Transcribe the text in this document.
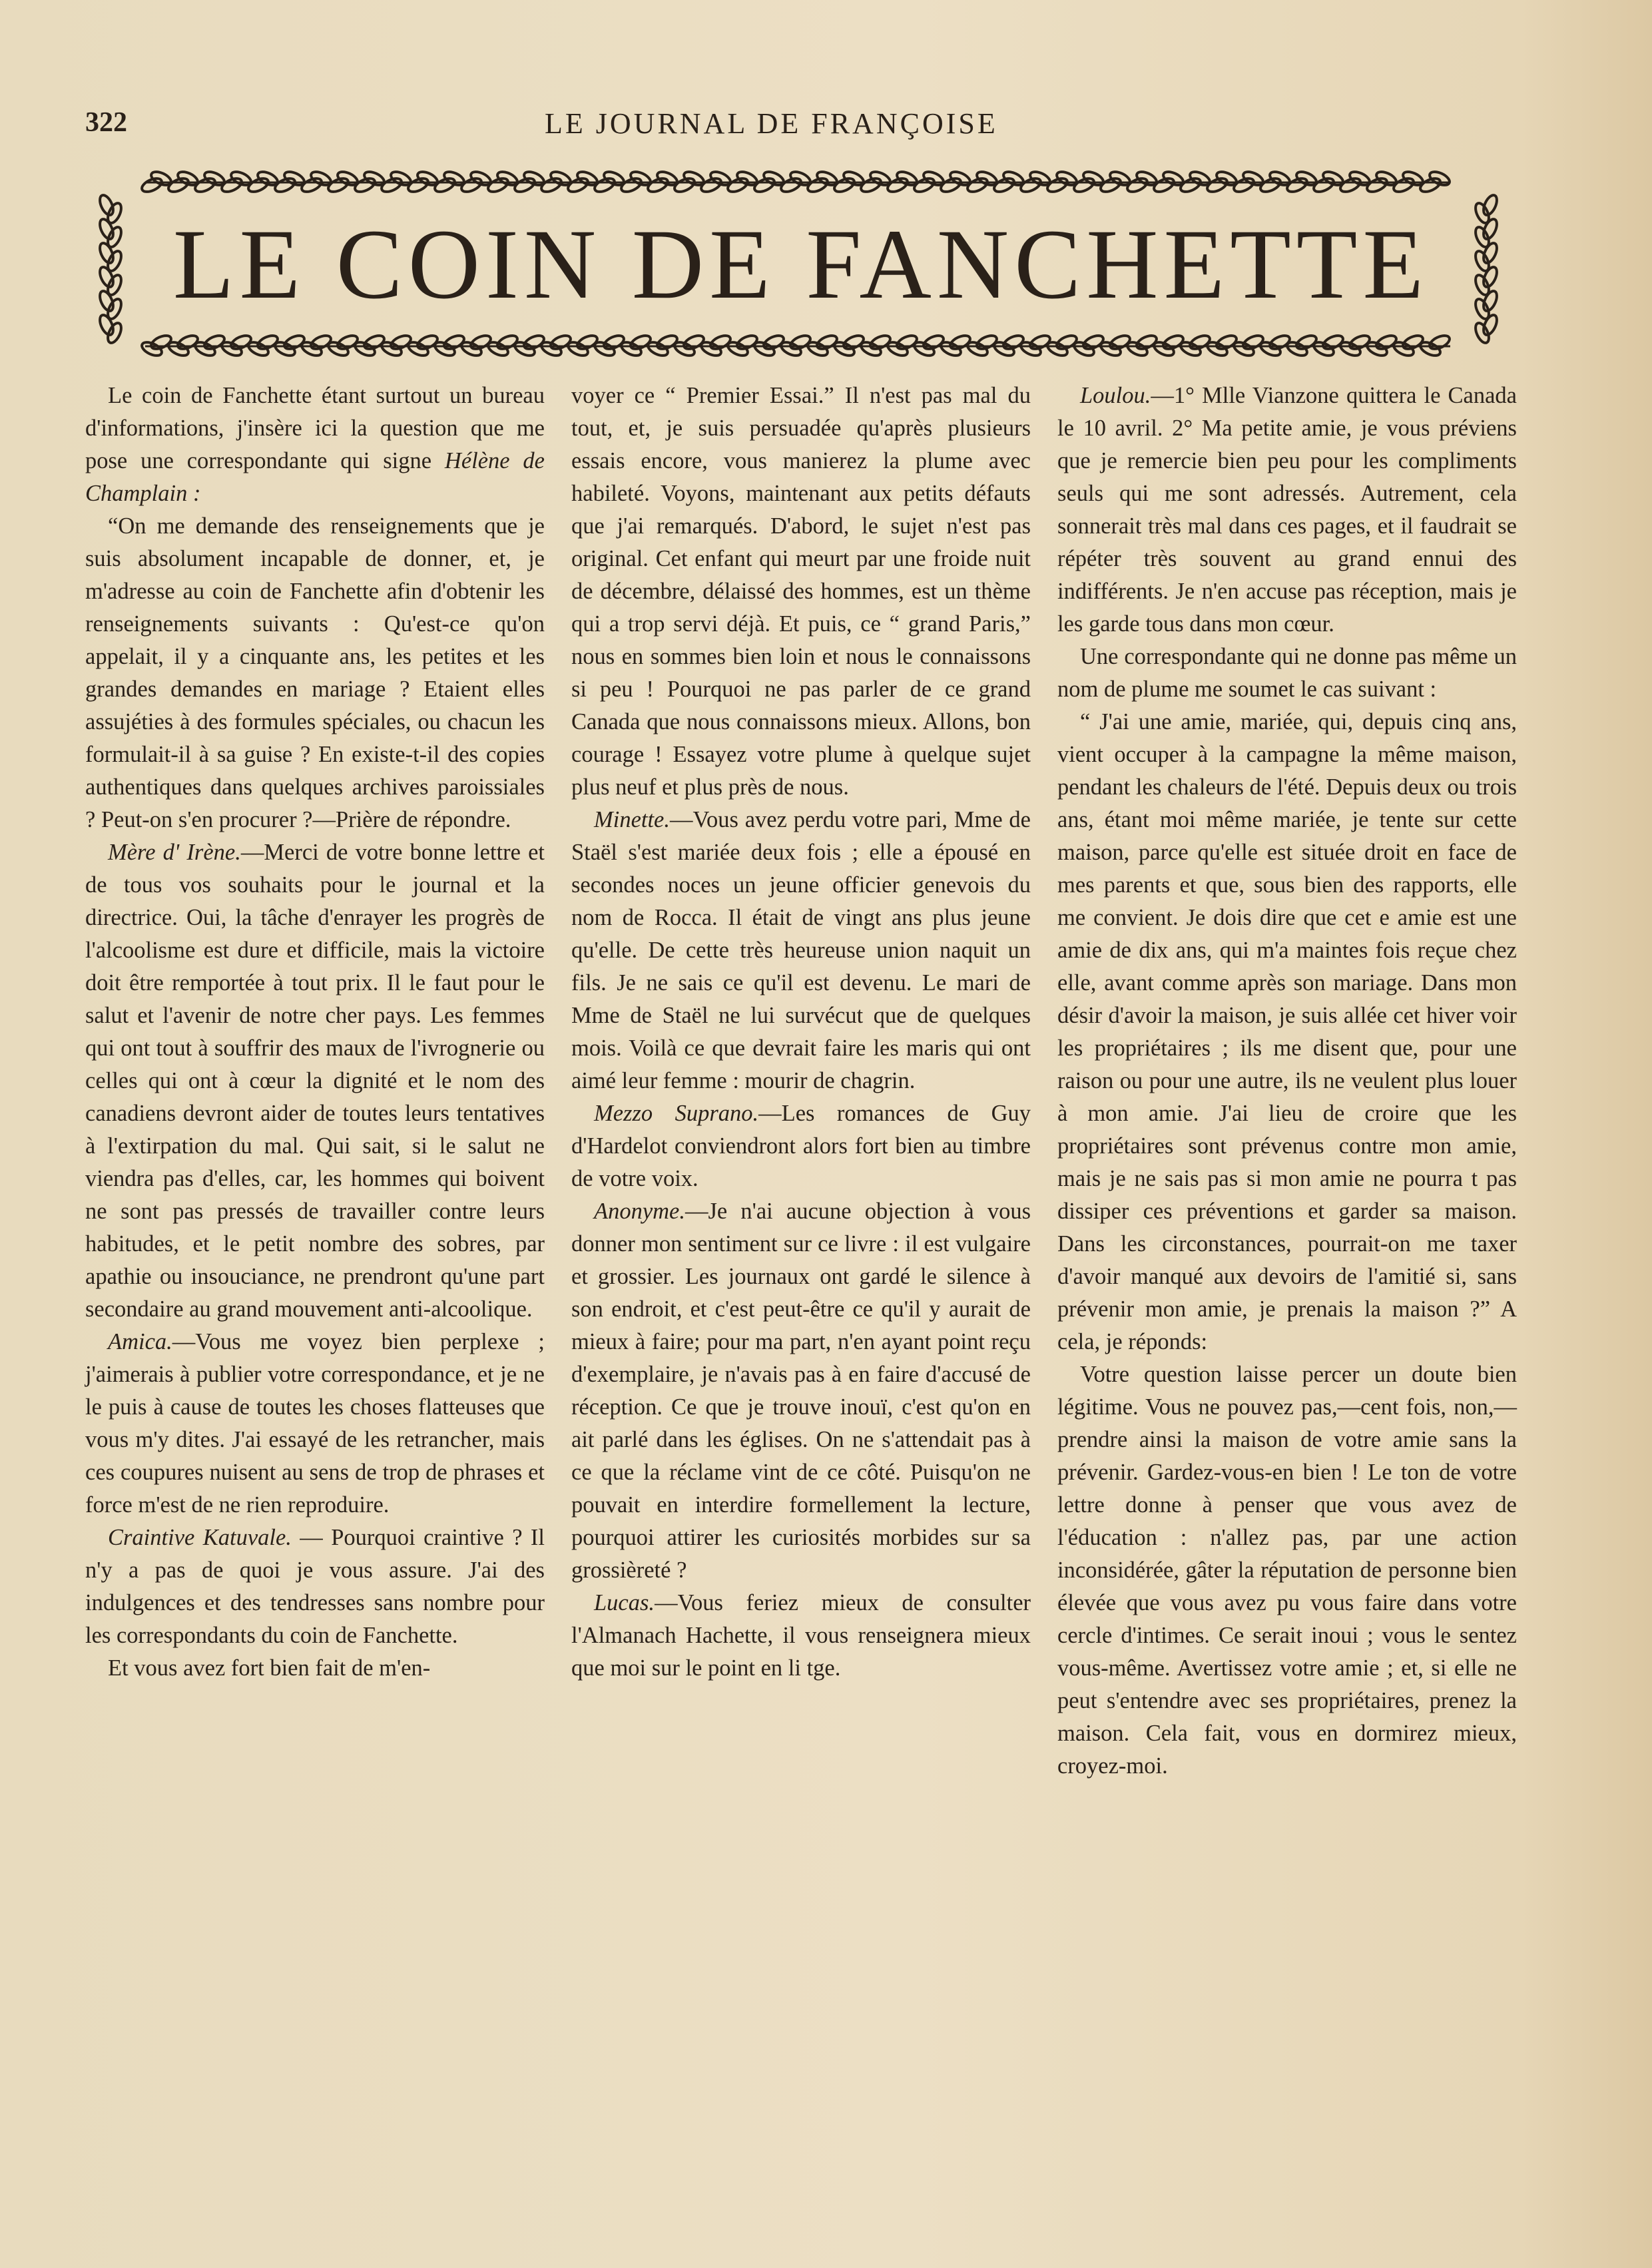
322	LE JOURNAL DE FRANÇOISE
LE COIN DE FANCHETTE

Le coin de Fanchette étant surtout un bureau d'informations, j'insère ici la question que me pose une correspondante qui signe Hélène de Champlain :

“On me demande des renseignements que je suis absolument incapable de donner, et, je m'adresse au coin de Fanchette afin d'obtenir les renseignements suivants : Qu'est-ce qu'on appelait, il y a cinquante ans, les petites et les grandes demandes en mariage ? Etaient elles assujéties à des formules spéciales, ou chacun les formulait-il à sa guise ? En existe-t-il des copies authentiques dans quelques archives paroissiales ? Peut-on s'en procurer ?—Prière de répondre.

Mère d' Irène.—Merci de votre bonne lettre et de tous vos souhaits pour le journal et la directrice. Oui, la tâche d'enrayer les progrès de l'alcoolisme est dure et difficile, mais la victoire doit être remportée à tout prix. Il le faut pour le salut et l'avenir de notre cher pays. Les femmes qui ont tout à souffrir des maux de l'ivrognerie ou celles qui ont à cœur la dignité et le nom des canadiens devront aider de toutes leurs tentatives à l'extirpation du mal. Qui sait, si le salut ne viendra pas d'elles, car, les hommes qui boivent ne sont pas pressés de travailler contre leurs habitudes, et le petit nombre des sobres, par apathie ou insouciance, ne prendront qu'une part secondaire au grand mouvement anti-alcoolique.

Amica.—Vous me voyez bien perplexe ; j'aimerais à publier votre correspondance, et je ne le puis à cause de toutes les choses flatteuses que vous m'y dites. J'ai essayé de les retrancher, mais ces coupures nuisent au sens de trop de phrases et force m'est de ne rien reproduire.

Craintive Katuvale. — Pourquoi craintive ? Il n'y a pas de quoi je vous assure. J'ai des indulgences et des tendresses sans nombre pour les correspondants du coin de Fanchette.

Et vous avez fort bien fait de m'en-

voyer ce “ Premier Essai.” Il n'est pas mal du tout, et, je suis persuadée qu'après plusieurs essais encore, vous manierez la plume avec habileté. Voyons, maintenant aux petits défauts que j'ai remarqués. D'abord, le sujet n'est pas original. Cet enfant qui meurt par une froide nuit de décembre, délaissé des hommes, est un thème qui a trop servi déjà. Et puis, ce “ grand Paris,” nous en sommes bien loin et nous le connaissons si peu ! Pourquoi ne pas parler de ce grand Canada que nous connaissons mieux. Allons, bon courage ! Essayez votre plume à quelque sujet plus neuf et plus près de nous.

Minette.—Vous avez perdu votre pari, Mme de Staël s'est mariée deux fois ; elle a épousé en secondes noces un jeune officier genevois du nom de Rocca. Il était de vingt ans plus jeune qu'elle. De cette très heureuse union naquit un fils. Je ne sais ce qu'il est devenu. Le mari de Mme de Staël ne lui survécut que de quelques mois. Voilà ce que devrait faire les maris qui ont aimé leur femme : mourir de chagrin.

Mezzo Suprano.—Les romances de Guy d'Hardelot conviendront alors fort bien au timbre de votre voix.

Anonyme.—Je n'ai aucune objection à vous donner mon sentiment sur ce livre : il est vulgaire et grossier. Les journaux ont gardé le silence à son endroit, et c'est peut-être ce qu'il y aurait de mieux à faire; pour ma part, n'en ayant point reçu d'exemplaire, je n'avais pas à en faire d'accusé de réception. Ce que je trouve inouï, c'est qu'on en ait parlé dans les églises. On ne s'attendait pas à ce que la réclame vint de ce côté. Puisqu'on ne pouvait en interdire formellement la lecture, pourquoi attirer les curiosités morbides sur sa grossièreté ?

Lucas.—Vous feriez mieux de consulter l'Almanach Hachette, il vous renseignera mieux que moi sur le point en li tge.

Loulou.—1° Mlle Vianzone quittera le Canada le 10 avril. 2° Ma petite amie, je vous préviens que je remercie bien peu pour les compliments seuls qui me sont adressés. Autrement, cela sonnerait très mal dans ces pages, et il faudrait se répéter très souvent au grand ennui des indifférents. Je n'en accuse pas réception, mais je les garde tous dans mon cœur.

Une correspondante qui ne donne pas même un nom de plume me soumet le cas suivant :

“ J'ai une amie, mariée, qui, depuis cinq ans, vient occuper à la campagne la même maison, pendant les chaleurs de l'été. Depuis deux ou trois ans, étant moi même mariée, je tente sur cette maison, parce qu'elle est située droit en face de mes parents et que, sous bien des rapports, elle me convient. Je dois dire que cet e amie est une amie de dix ans, qui m'a maintes fois reçue chez elle, avant comme après son mariage. Dans mon désir d'avoir la maison, je suis allée cet hiver voir les propriétaires ; ils me disent que, pour une raison ou pour une autre, ils ne veulent plus louer à mon amie. J'ai lieu de croire que les propriétaires sont prévenus contre mon amie, mais je ne sais pas si mon amie ne pourra t pas dissiper ces préventions et garder sa maison. Dans les circonstances, pourrait-on me taxer d'avoir manqué aux devoirs de l'amitié si, sans prévenir mon amie, je prenais la maison ?” A cela, je réponds:

Votre question laisse percer un doute bien légitime. Vous ne pouvez pas,—cent fois, non,—prendre ainsi la maison de votre amie sans la prévenir. Gardez-vous-en bien ! Le ton de votre lettre donne à penser que vous avez de l'éducation : n'allez pas, par une action inconsidérée, gâter la réputation de personne bien élevée que vous avez pu vous faire dans votre cercle d'intimes. Ce serait inoui ; vous le sentez vous-même. Avertissez votre amie ; et, si elle ne peut s'entendre avec ses propriétaires, prenez la maison. Cela fait, vous en dormirez mieux, croyez-moi.
